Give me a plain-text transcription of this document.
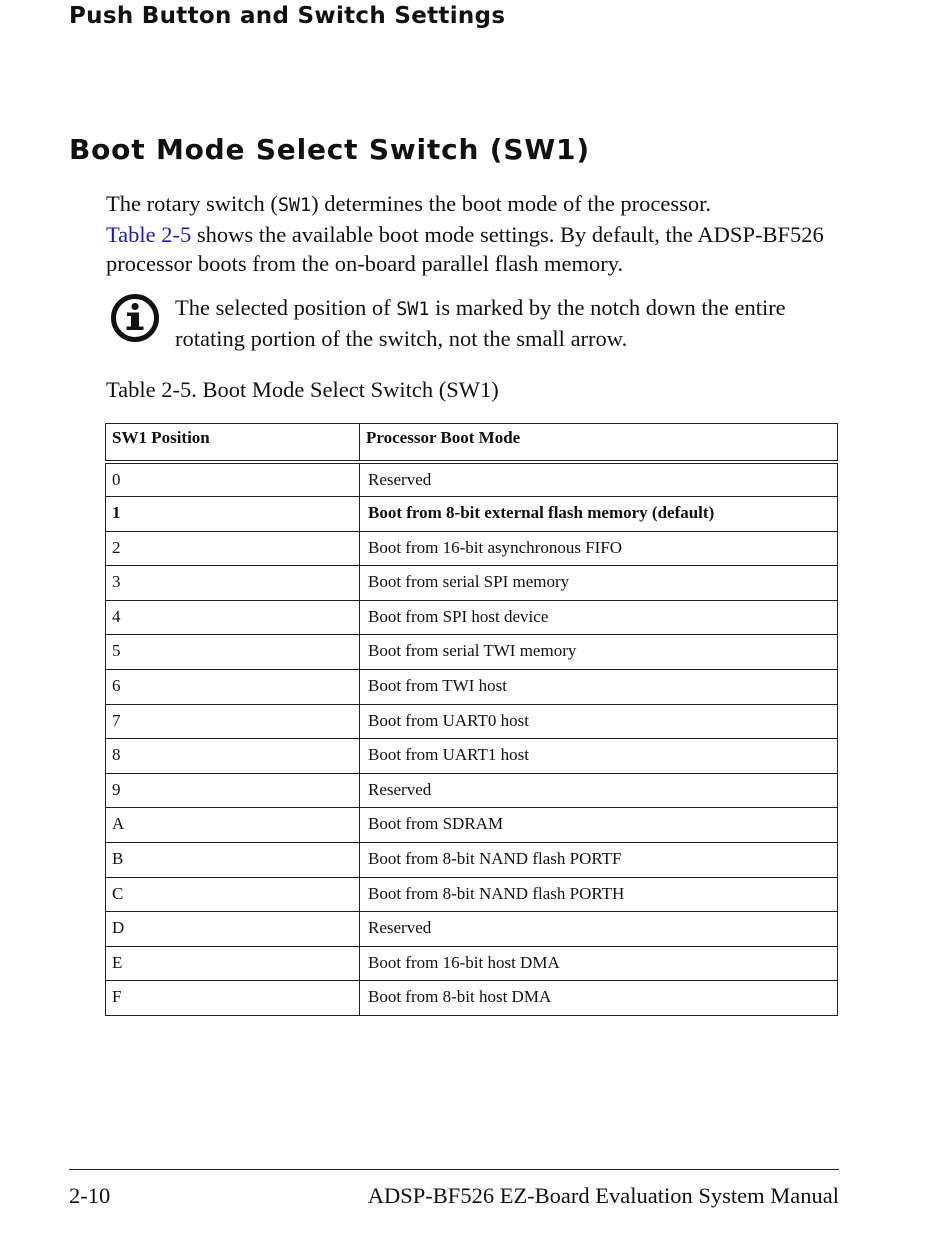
Push Button and Switch Settings
Boot Mode Select Switch (SW1)

The rotary switch (SW1) determines the boot mode of the processor.
Table 2-5 shows the available boot mode settings. By default, the ADSP-BF526 processor boots from the on-board parallel flash memory.

The selected position of SW1 is marked by the notch down the entire rotating portion of the switch, not the small arrow.
Table 2-5. Boot Mode Select Switch (SW1)
SW1 Position	Processor Boot Mode
0	Reserved
1	Boot from 8-bit external flash memory (default)
2	Boot from 16-bit asynchronous FIFO
3	Boot from serial SPI memory
4	Boot from SPI host device
5	Boot from serial TWI memory
6	Boot from TWI host
7	Boot from UART0 host
8	Boot from UART1 host
9	Reserved
A	Boot from SDRAM
B	Boot from 8-bit NAND flash PORTF
C	Boot from 8-bit NAND flash PORTH
D	Reserved
E	Boot from 16-bit host DMA
F	Boot from 8-bit host DMA
2-10	ADSP-BF526 EZ-Board Evaluation System Manual
